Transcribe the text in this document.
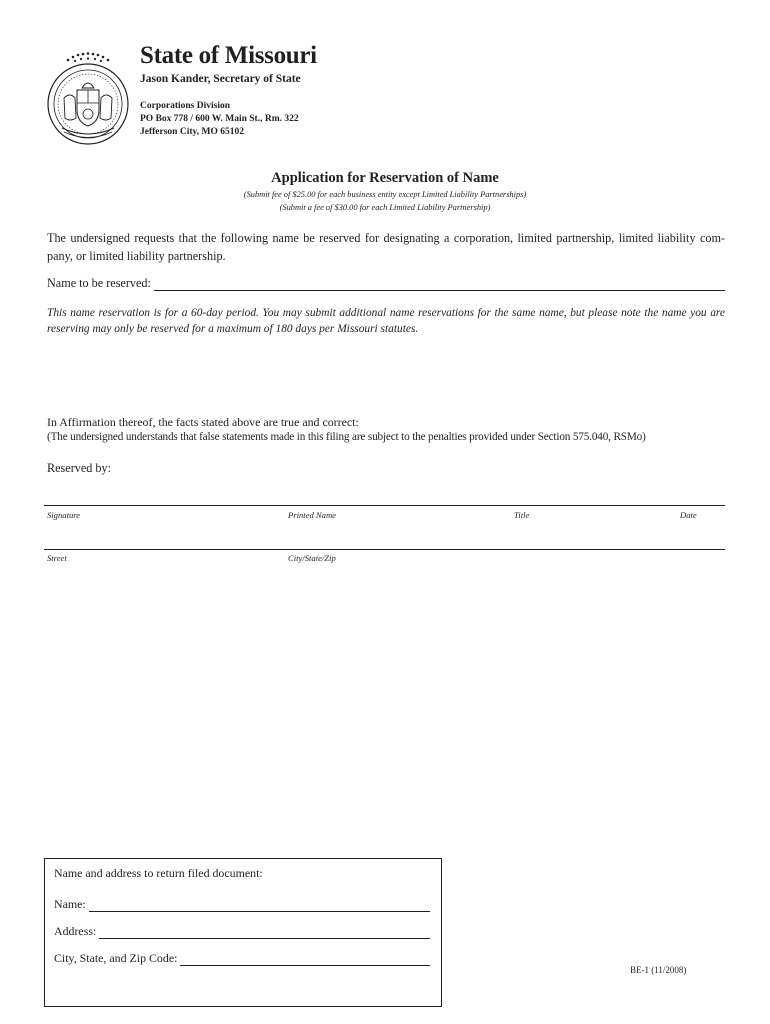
State of Missouri
Jason Kander, Secretary of State
Corporations Division
PO Box 778 / 600 W. Main St., Rm. 322
Jefferson City, MO 65102
Application for Reservation of Name
(Submit fee of $25.00 for each business entity except Limited Liability Partnerships)
(Submit a fee of $30.00 for each Limited Liability Partnership)
The undersigned requests that the following name be reserved for designating a corporation, limited partnership, limited liability com-pany, or limited liability partnership.
Name to be reserved:
This name reservation is for a 60-day period. You may submit additional name reservations for the same name, but please note the name you are reserving may only be reserved for a maximum of 180 days per Missouri statutes.
In Affirmation thereof, the facts stated above are true and correct:
(The undersigned understands that false statements made in this filing are subject to the penalties provided under Section 575.040, RSMo)
Reserved by:
Signature	Printed Name	Title	Date
Street	City/State/Zip
Name and address to return filed document:
Name:
Address:
City, State, and Zip Code:
BE-1 (11/2008)
